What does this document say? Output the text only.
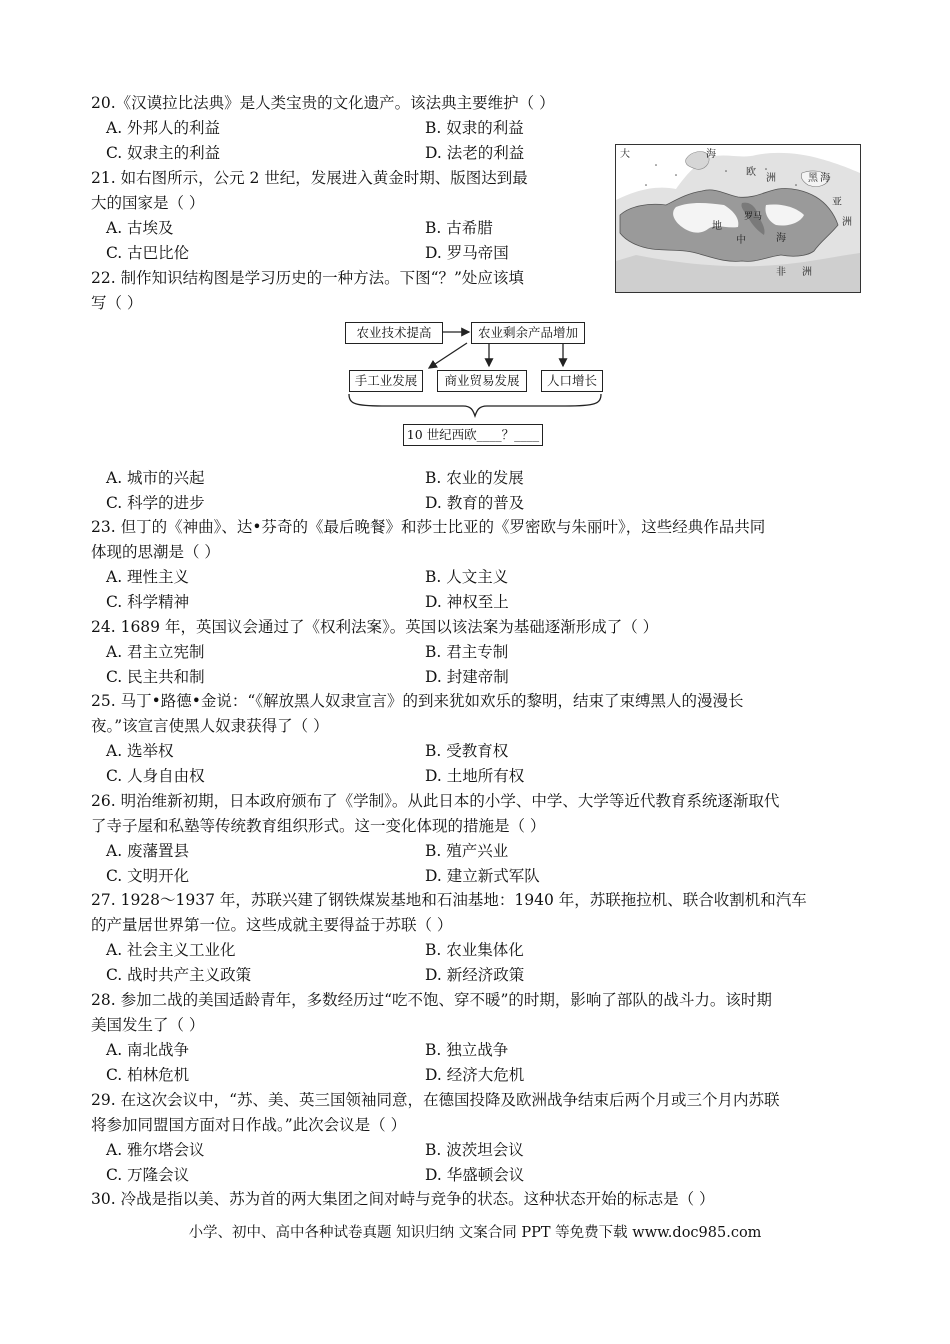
20.《汉谟拉比法典》是人类宝贵的文化遗产。该法典主要维护（ ）
A. 外邦人的利益	B. 奴隶的利益
C. 奴隶主的利益	D. 法老的利益
21. 如右图所示，公元 2 世纪，发展进入黄金时期、版图达到最
大的国家是（ ）
A. 古埃及	B. 古希腊
C. 古巴比伦	D. 罗马帝国
大	海
欧
洲	黑 海
罗马
地
中	海
亚
洲
非 洲
22. 制作知识结构图是学习历史的一种方法。下图“？”处应该填
写（ ）
农业技术提高	农业剩余产品增加
手工业发展	商业贸易发展	人口增长
10 世纪西欧____？____
A. 城市的兴起	B. 农业的发展
C. 科学的进步	D. 教育的普及
23. 但丁的《神曲》、达•芬奇的《最后晚餐》和莎士比亚的《罗密欧与朱丽叶》，这些经典作品共同
体现的思潮是（ ）
A. 理性主义	B. 人文主义
C. 科学精神	D. 神权至上
24. 1689 年，英国议会通过了《权利法案》。英国以该法案为基础逐渐形成了（ ）
A. 君主立宪制	B. 君主专制
C. 民主共和制	D. 封建帝制
25. 马丁•路德•金说：“《解放黑人奴隶宣言》的到来犹如欢乐的黎明，结束了束缚黑人的漫漫长
夜。”该宣言使黑人奴隶获得了（ ）
A. 选举权	B. 受教育权
C. 人身自由权	D. 土地所有权
26. 明治维新初期，日本政府颁布了《学制》。从此日本的小学、中学、大学等近代教育系统逐渐取代
了寺子屋和私塾等传统教育组织形式。这一变化体现的措施是（ ）
A. 废藩置县	B. 殖产兴业
C. 文明开化	D. 建立新式军队
27. 1928～1937 年，苏联兴建了钢铁煤炭基地和石油基地：1940 年，苏联拖拉机、联合收割机和汽车
的产量居世界第一位。这些成就主要得益于苏联（ ）
A. 社会主义工业化	B. 农业集体化
C. 战时共产主义政策	D. 新经济政策
28. 参加二战的美国适龄青年，多数经历过“吃不饱、穿不暖”的时期，影响了部队的战斗力。该时期
美国发生了（ ）
A. 南北战争	B. 独立战争
C. 柏林危机	D. 经济大危机
29. 在这次会议中，“苏、美、英三国领袖同意，在德国投降及欧洲战争结束后两个月或三个月内苏联
将参加同盟国方面对日作战。”此次会议是（ ）
A. 雅尔塔会议	B. 波茨坦会议
C. 万隆会议	D. 华盛顿会议
30. 冷战是指以美、苏为首的两大集团之间对峙与竞争的状态。这种状态开始的标志是（ ）
小学、初中、高中各种试卷真题 知识归纳 文案合同 PPT 等免费下载 www.doc985.com
